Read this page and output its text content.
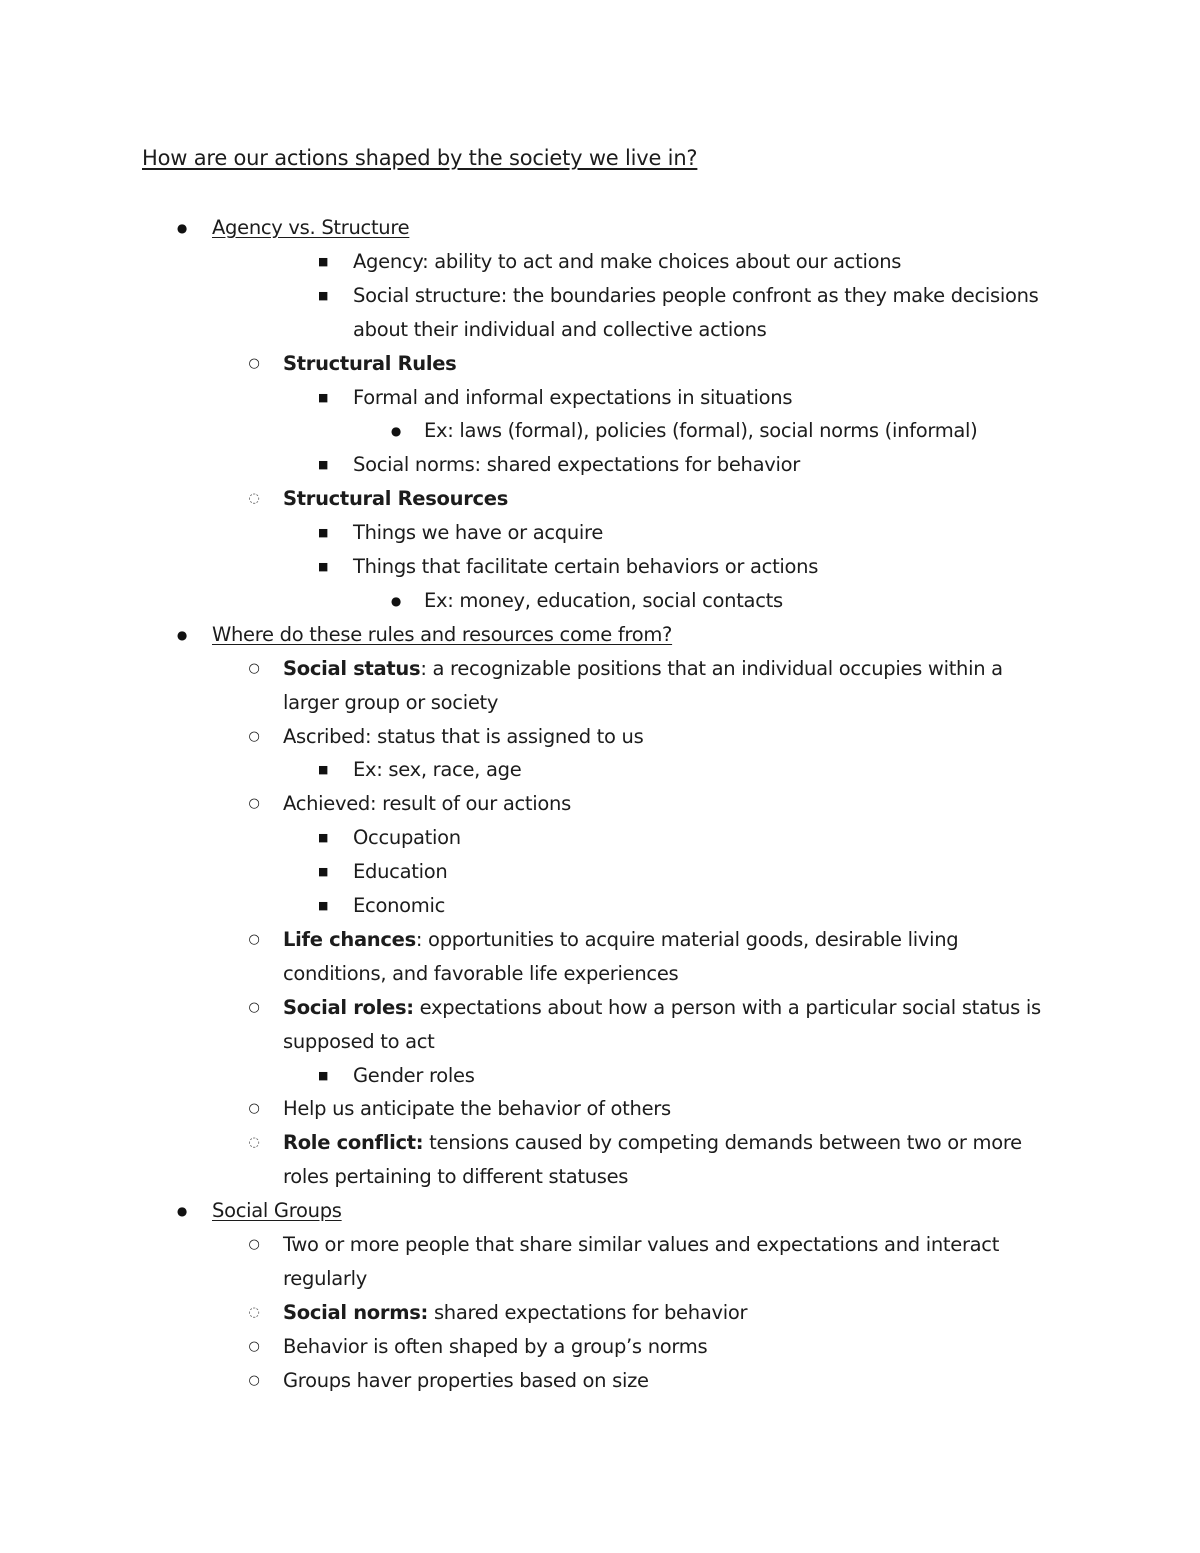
How are our actions shaped by the society we live in?
● Agency vs. Structure
■ Agency: ability to act and make choices about our actions
■ Social structure: the boundaries people confront as they make decisions
about their individual and collective actions
○ Structural Rules
■ Formal and informal expectations in situations
● Ex: laws (formal), policies (formal), social norms (informal)
■ Social norms: shared expectations for behavior
◌ Structural Resources
■ Things we have or acquire
■ Things that facilitate certain behaviors or actions
● Ex: money, education, social contacts
● Where do these rules and resources come from?
○ Social status: a recognizable positions that an individual occupies within a
larger group or society
○ Ascribed: status that is assigned to us
■ Ex: sex, race, age
○ Achieved: result of our actions
■ Occupation
■ Education
■ Economic
○ Life chances: opportunities to acquire material goods, desirable living
conditions, and favorable life experiences
○ Social roles: expectations about how a person with a particular social status is
supposed to act
■ Gender roles
○ Help us anticipate the behavior of others
◌ Role conflict: tensions caused by competing demands between two or more
roles pertaining to different statuses
● Social Groups
○ Two or more people that share similar values and expectations and interact
regularly
◌ Social norms: shared expectations for behavior
○ Behavior is often shaped by a group’s norms
○ Groups haver properties based on size
